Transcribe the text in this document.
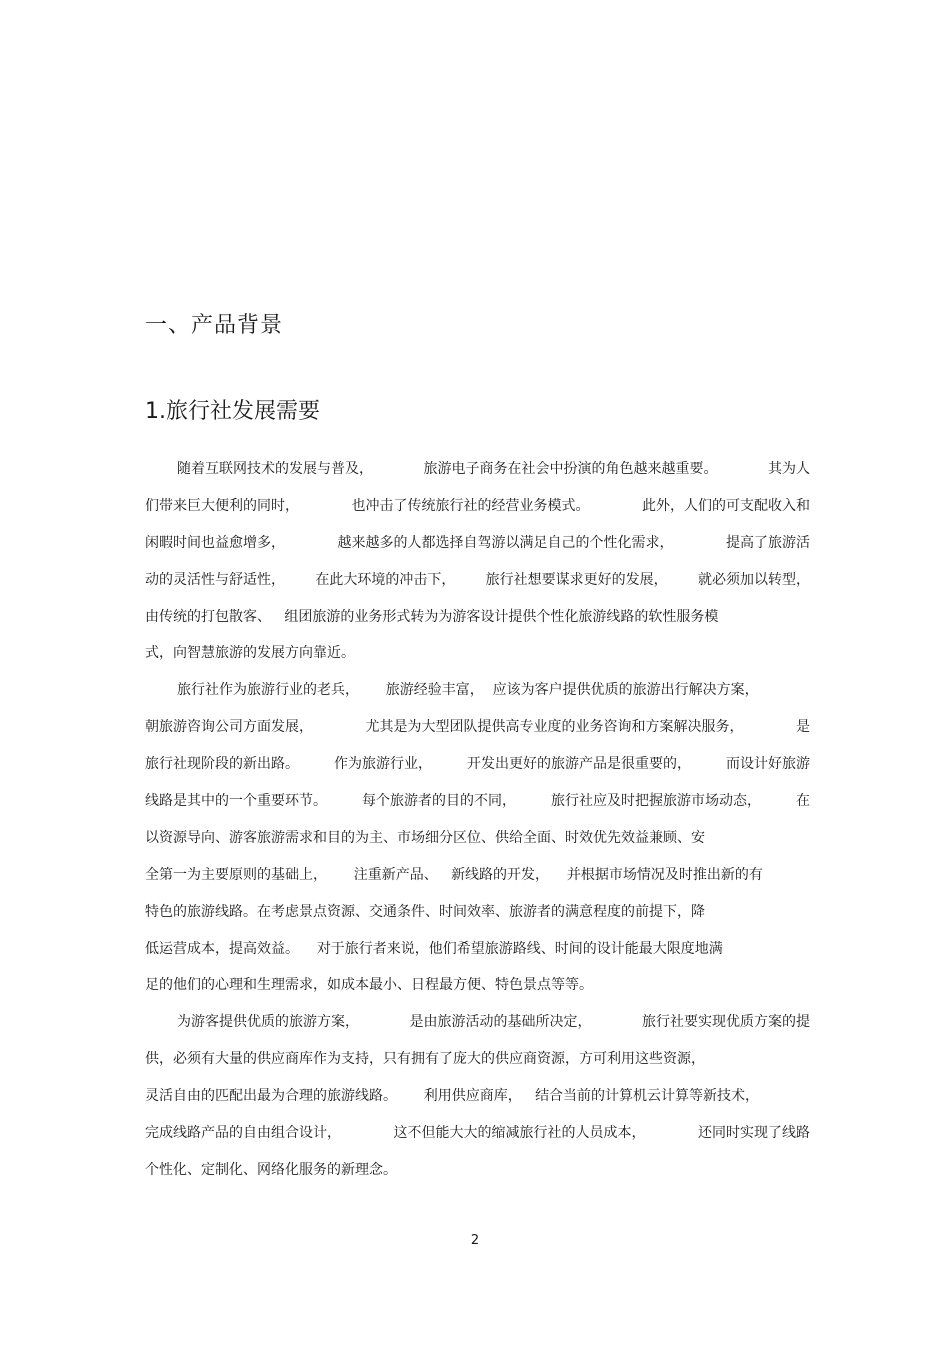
一、产品背景
1.旅行社发展需要
随着互联网技术的发展与普及，	旅游电子商务在社会中扮演的角色越来越重要。	其为人
们带来巨大便利的同时，	也冲击了传统旅行社的经营业务模式。	此外，人们的可支配收入和
闲暇时间也益愈增多，	越来越多的人都选择自驾游以满足自己的个性化需求，	提高了旅游活
动的灵活性与舒适性， 在此大环境的冲击下， 旅行社想要谋求更好的发展， 就必须加以转型，
由传统的打包散客、 组团旅游的业务形式转为为游客设计提供个性化旅游线路的软性服务模
式，向智慧旅游的发展方向靠近。
旅行社作为旅游行业的老兵， 旅游经验丰富， 应该为客户提供优质的旅游出行解决方案，
朝旅游咨询公司方面发展，	尤其是为大型团队提供高专业度的业务咨询和方案解决服务，	是
旅行社现阶段的新出路。	作为旅游行业，	开发出更好的旅游产品是很重要的，	而设计好旅游
线路是其中的一个重要环节。	每个旅游者的目的不同，	旅行社应及时把握旅游市场动态，	在
以资源导向、游客旅游需求和目的为主、市场细分区位、供给全面、时效优先效益兼顾、安
全第一为主要原则的基础上， 注重新产品、 新线路的开发， 并根据市场情况及时推出新的有
特色的旅游线路。在考虑景点资源、交通条件、时间效率、旅游者的满意程度的前提下，降
低运营成本，提高效益。 对于旅行者来说，他们希望旅游路线、时间的设计能最大限度地满
足的他们的心理和生理需求，如成本最小、日程最方便、特色景点等等。
为游客提供优质的旅游方案，	是由旅游活动的基础所决定，	旅行社要实现优质方案的提
供，必须有大量的供应商库作为支持，只有拥有了庞大的供应商资源，方可利用这些资源，
灵活自由的匹配出最为合理的旅游线路。 利用供应商库， 结合当前的计算机云计算等新技术，
完成线路产品的自由组合设计，	这不但能大大的缩减旅行社的人员成本，	还同时实现了线路
个性化、定制化、网络化服务的新理念。
2
